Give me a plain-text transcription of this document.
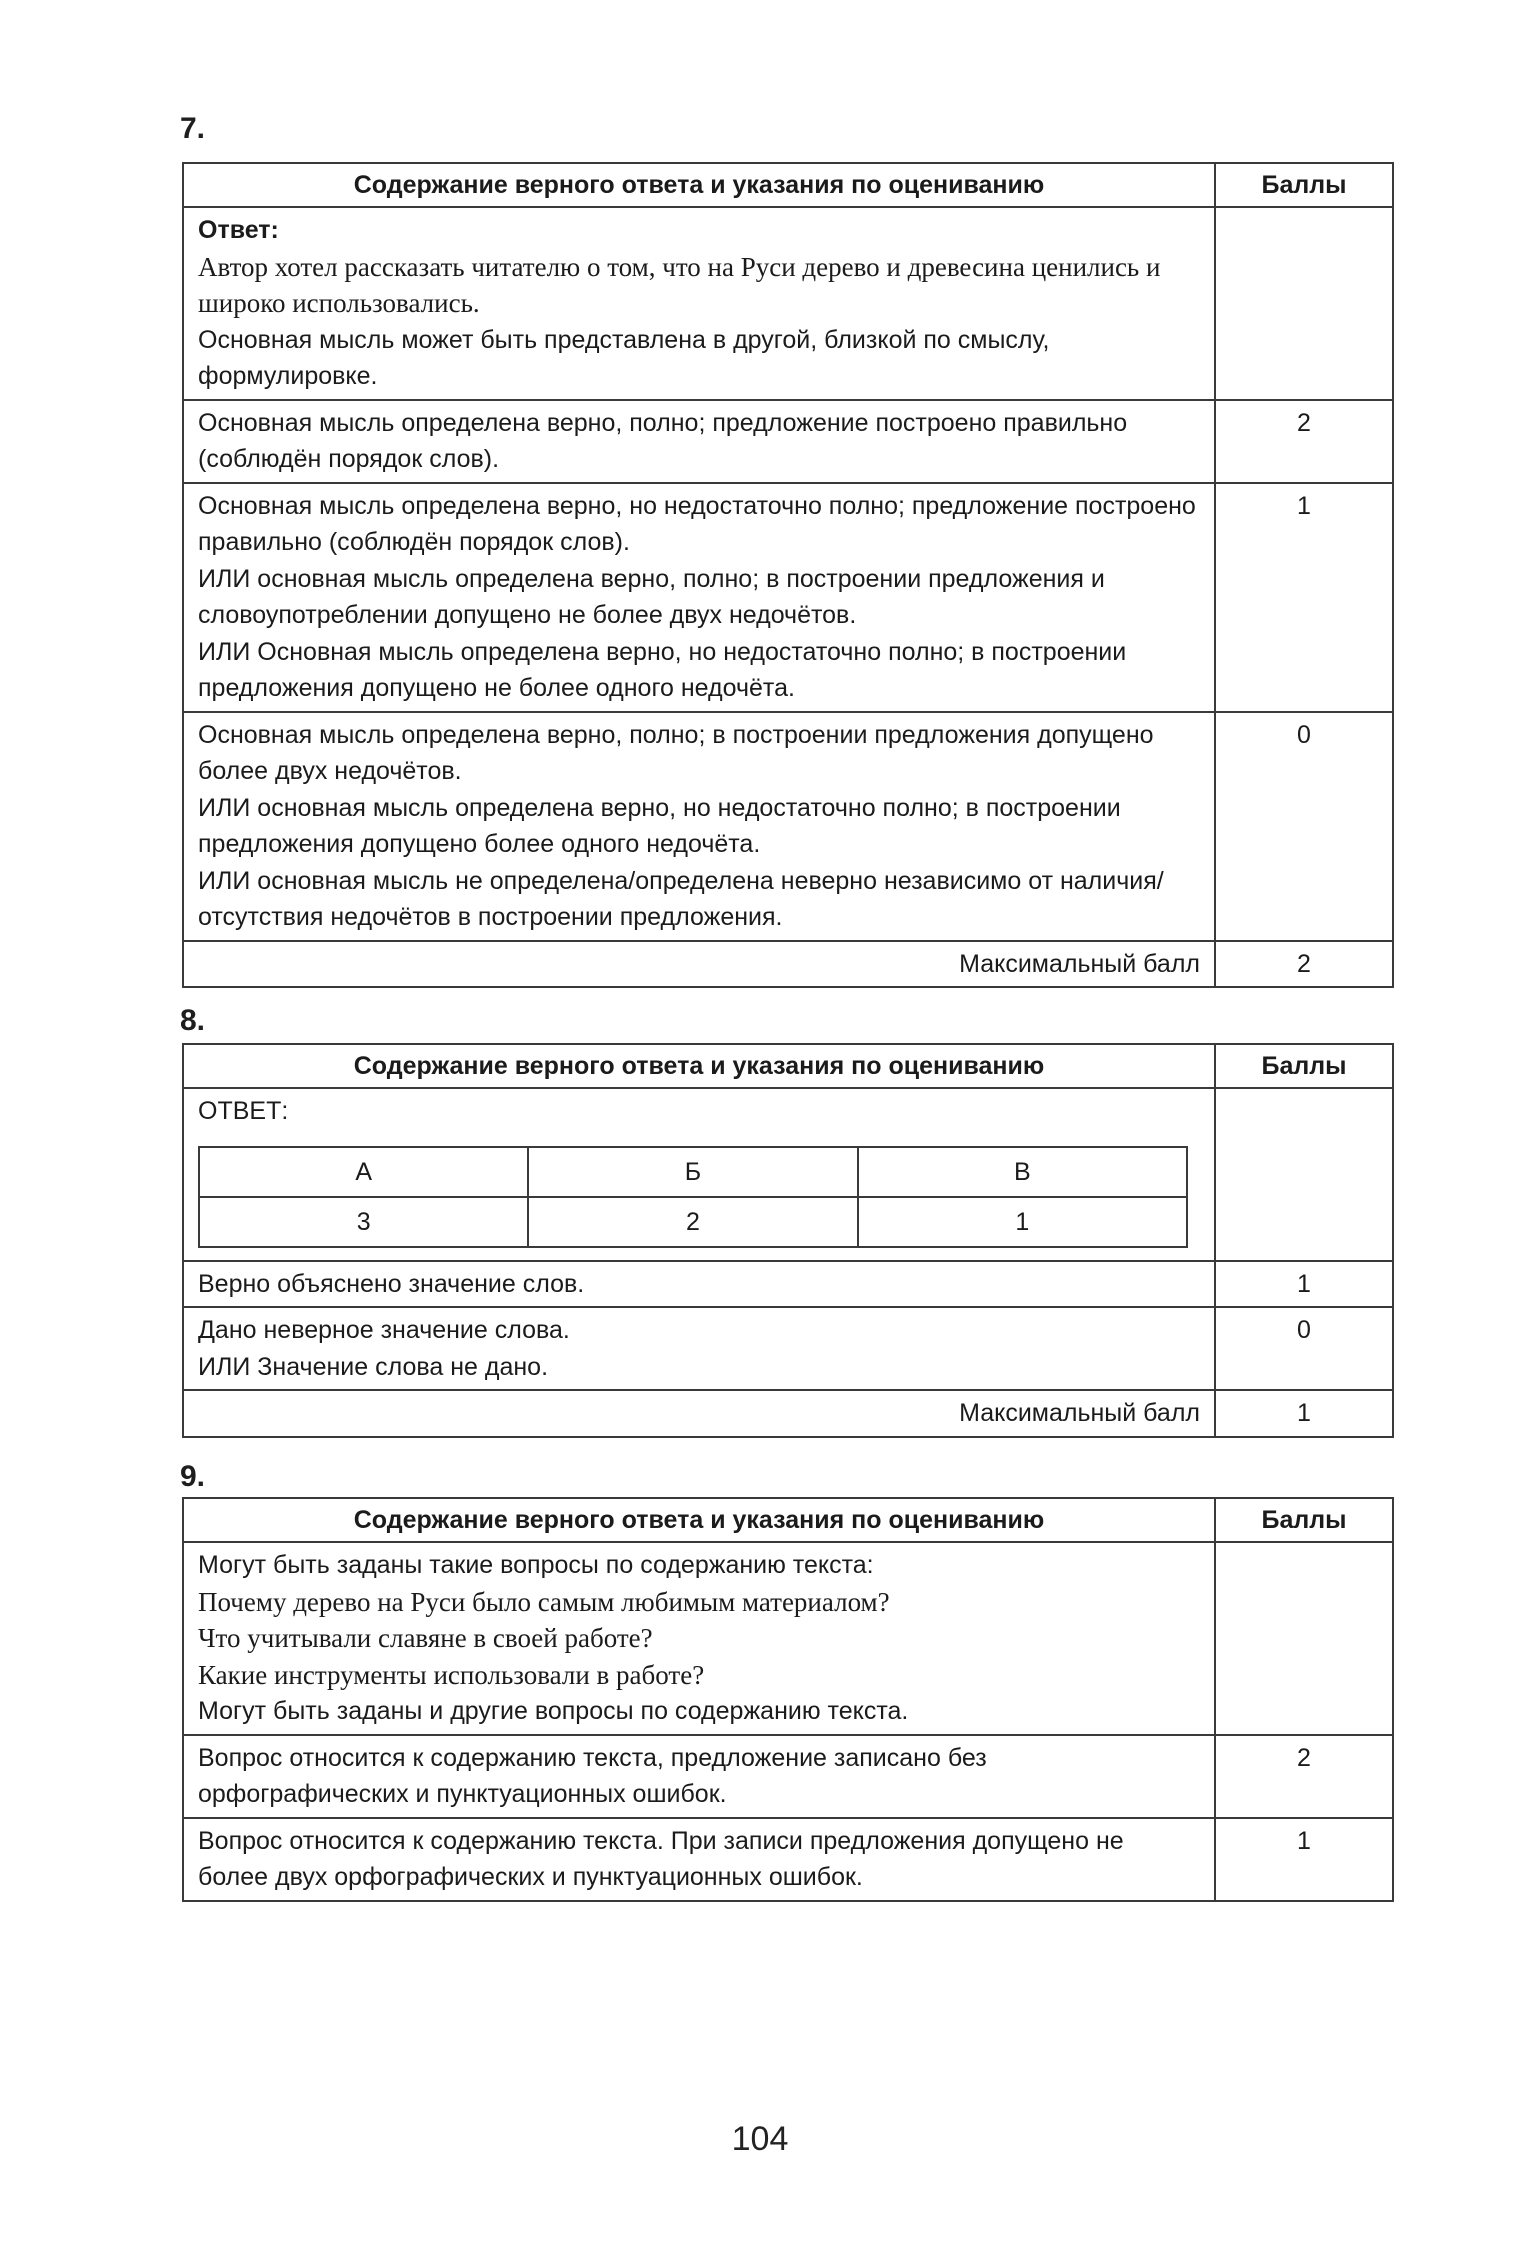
7.
Содержание верного ответа и указания по оцениванию	Баллы

Ответ:
Автор хотел рассказать читателю о том, что на Руси дерево и древесина ценились и широко использовались.
Основная мысль может быть представлена в другой, близкой по смыслу, формулировке.	

Основная мысль определена верно, полно; предложение построено правильно (соблюдён порядок слов).	2

Основная мысль определена верно, но недостаточно полно; предложение построено правильно (соблюдён порядок слов).
ИЛИ основная мысль определена верно, полно; в построении предложения и словоупотреблении допущено не более двух недочётов.
ИЛИ Основная мысль определена верно, но недостаточно полно; в построении предложения допущено не более одного недочёта.	1

Основная мысль определена верно, полно; в построении предложения допущено более двух недочётов.
ИЛИ основная мысль определена верно, но недостаточно полно; в построении предложения допущено более одного недочёта.
ИЛИ основная мысль не определена/определена неверно независимо от наличия/отсутствия недочётов в построении предложения.	0
Максимальный балл	2
8.
Содержание верного ответа и указания по оцениванию	Баллы

ОТВЕТ:
А	Б	В
3	2	1

Верно объяснено значение слов.	1

Дано неверное значение слова.
ИЛИ Значение слова не дано.
	0
Максимальный балл	1
9.
Содержание верного ответа и указания по оцениванию	Баллы

Могут быть заданы такие вопросы по содержанию текста:
Почему дерево на Руси было самым любимым материалом?
Что учитывали славяне в своей работе?
Какие инструменты использовали в работе?
Могут быть заданы и другие вопросы по содержанию текста.	

Вопрос относится к содержанию текста, предложение записано без орфографических и пунктуационных ошибок.	2

Вопрос относится к содержанию текста. При записи предложения допущено не более двух орфографических и пунктуационных ошибок.	1
104
